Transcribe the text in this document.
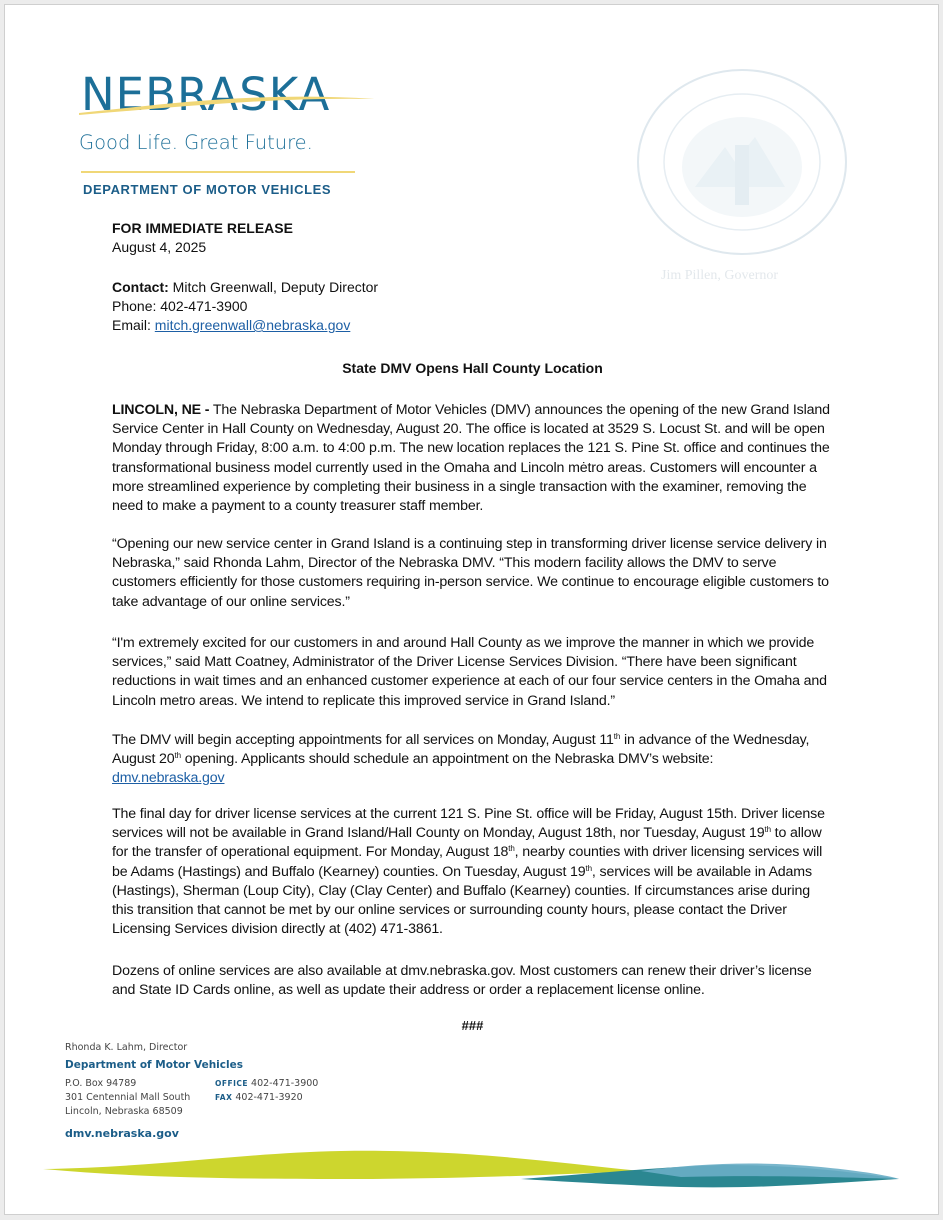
NEBRASKA
Good Life. Great Future.
DEPARTMENT OF MOTOR VEHICLES
Jim Pillen, Governor
FOR IMMEDIATE RELEASE
August 4, 2025
Contact: Mitch Greenwall, Deputy Director
Phone: 402-471-3900
Email: mitch.greenwall@nebraska.gov
State DMV Opens Hall County Location
LINCOLN, NE - The Nebraska Department of Motor Vehicles (DMV) announces the opening of the new Grand Island Service Center in Hall County on Wednesday, August 20. The office is located at 3529 S. Locust St. and will be open Monday through Friday, 8:00 a.m. to 4:00 p.m. The new location replaces the 121 S. Pine St. office and continues the transformational business model currently used in the Omaha and Lincoln mėtro areas. Customers will encounter a more streamlined experience by completing their business in a single transaction with the examiner, removing the need to make a payment to a county treasurer staff member.
“Opening our new service center in Grand Island is a continuing step in transforming driver license service delivery in Nebraska,” said Rhonda Lahm, Director of the Nebraska DMV. “This modern facility allows the DMV to serve customers efficiently for those customers requiring in-person service. We continue to encourage eligible customers to take advantage of our online services.”
“I'm extremely excited for our customers in and around Hall County as we improve the manner in which we provide services,” said Matt Coatney, Administrator of the Driver License Services Division. “There have been significant reductions in wait times and an enhanced customer experience at each of our four service centers in the Omaha and Lincoln metro areas. We intend to replicate this improved service in Grand Island.”
The DMV will begin accepting appointments for all services on Monday, August 11th in advance of the Wednesday, August 20th opening. Applicants should schedule an appointment on the Nebraska DMV’s website:
dmv.nebraska.gov
The final day for driver license services at the current 121 S. Pine St. office will be Friday, August 15th. Driver license services will not be available in Grand Island/Hall County on Monday, August 18th, nor Tuesday, August 19th to allow for the transfer of operational equipment. For Monday, August 18th, nearby counties with driver licensing services will be Adams (Hastings) and Buffalo (Kearney) counties. On Tuesday, August 19th, services will be available in Adams (Hastings), Sherman (Loup City), Clay (Clay Center) and Buffalo (Kearney) counties. If circumstances arise during this transition that cannot be met by our online services or surrounding county hours, please contact the Driver Licensing Services division directly at (402) 471-3861.
Dozens of online services are also available at dmv.nebraska.gov. Most customers can renew their driver’s license and State ID Cards online, as well as update their address or order a replacement license online.
###
Rhonda K. Lahm, Director
Department of Motor Vehicles
P.O. Box 94789
301 Centennial Mall South
Lincoln, Nebraska 68509
OFFICE 402-471-3900
FAX 402-471-3920
dmv.nebraska.gov
